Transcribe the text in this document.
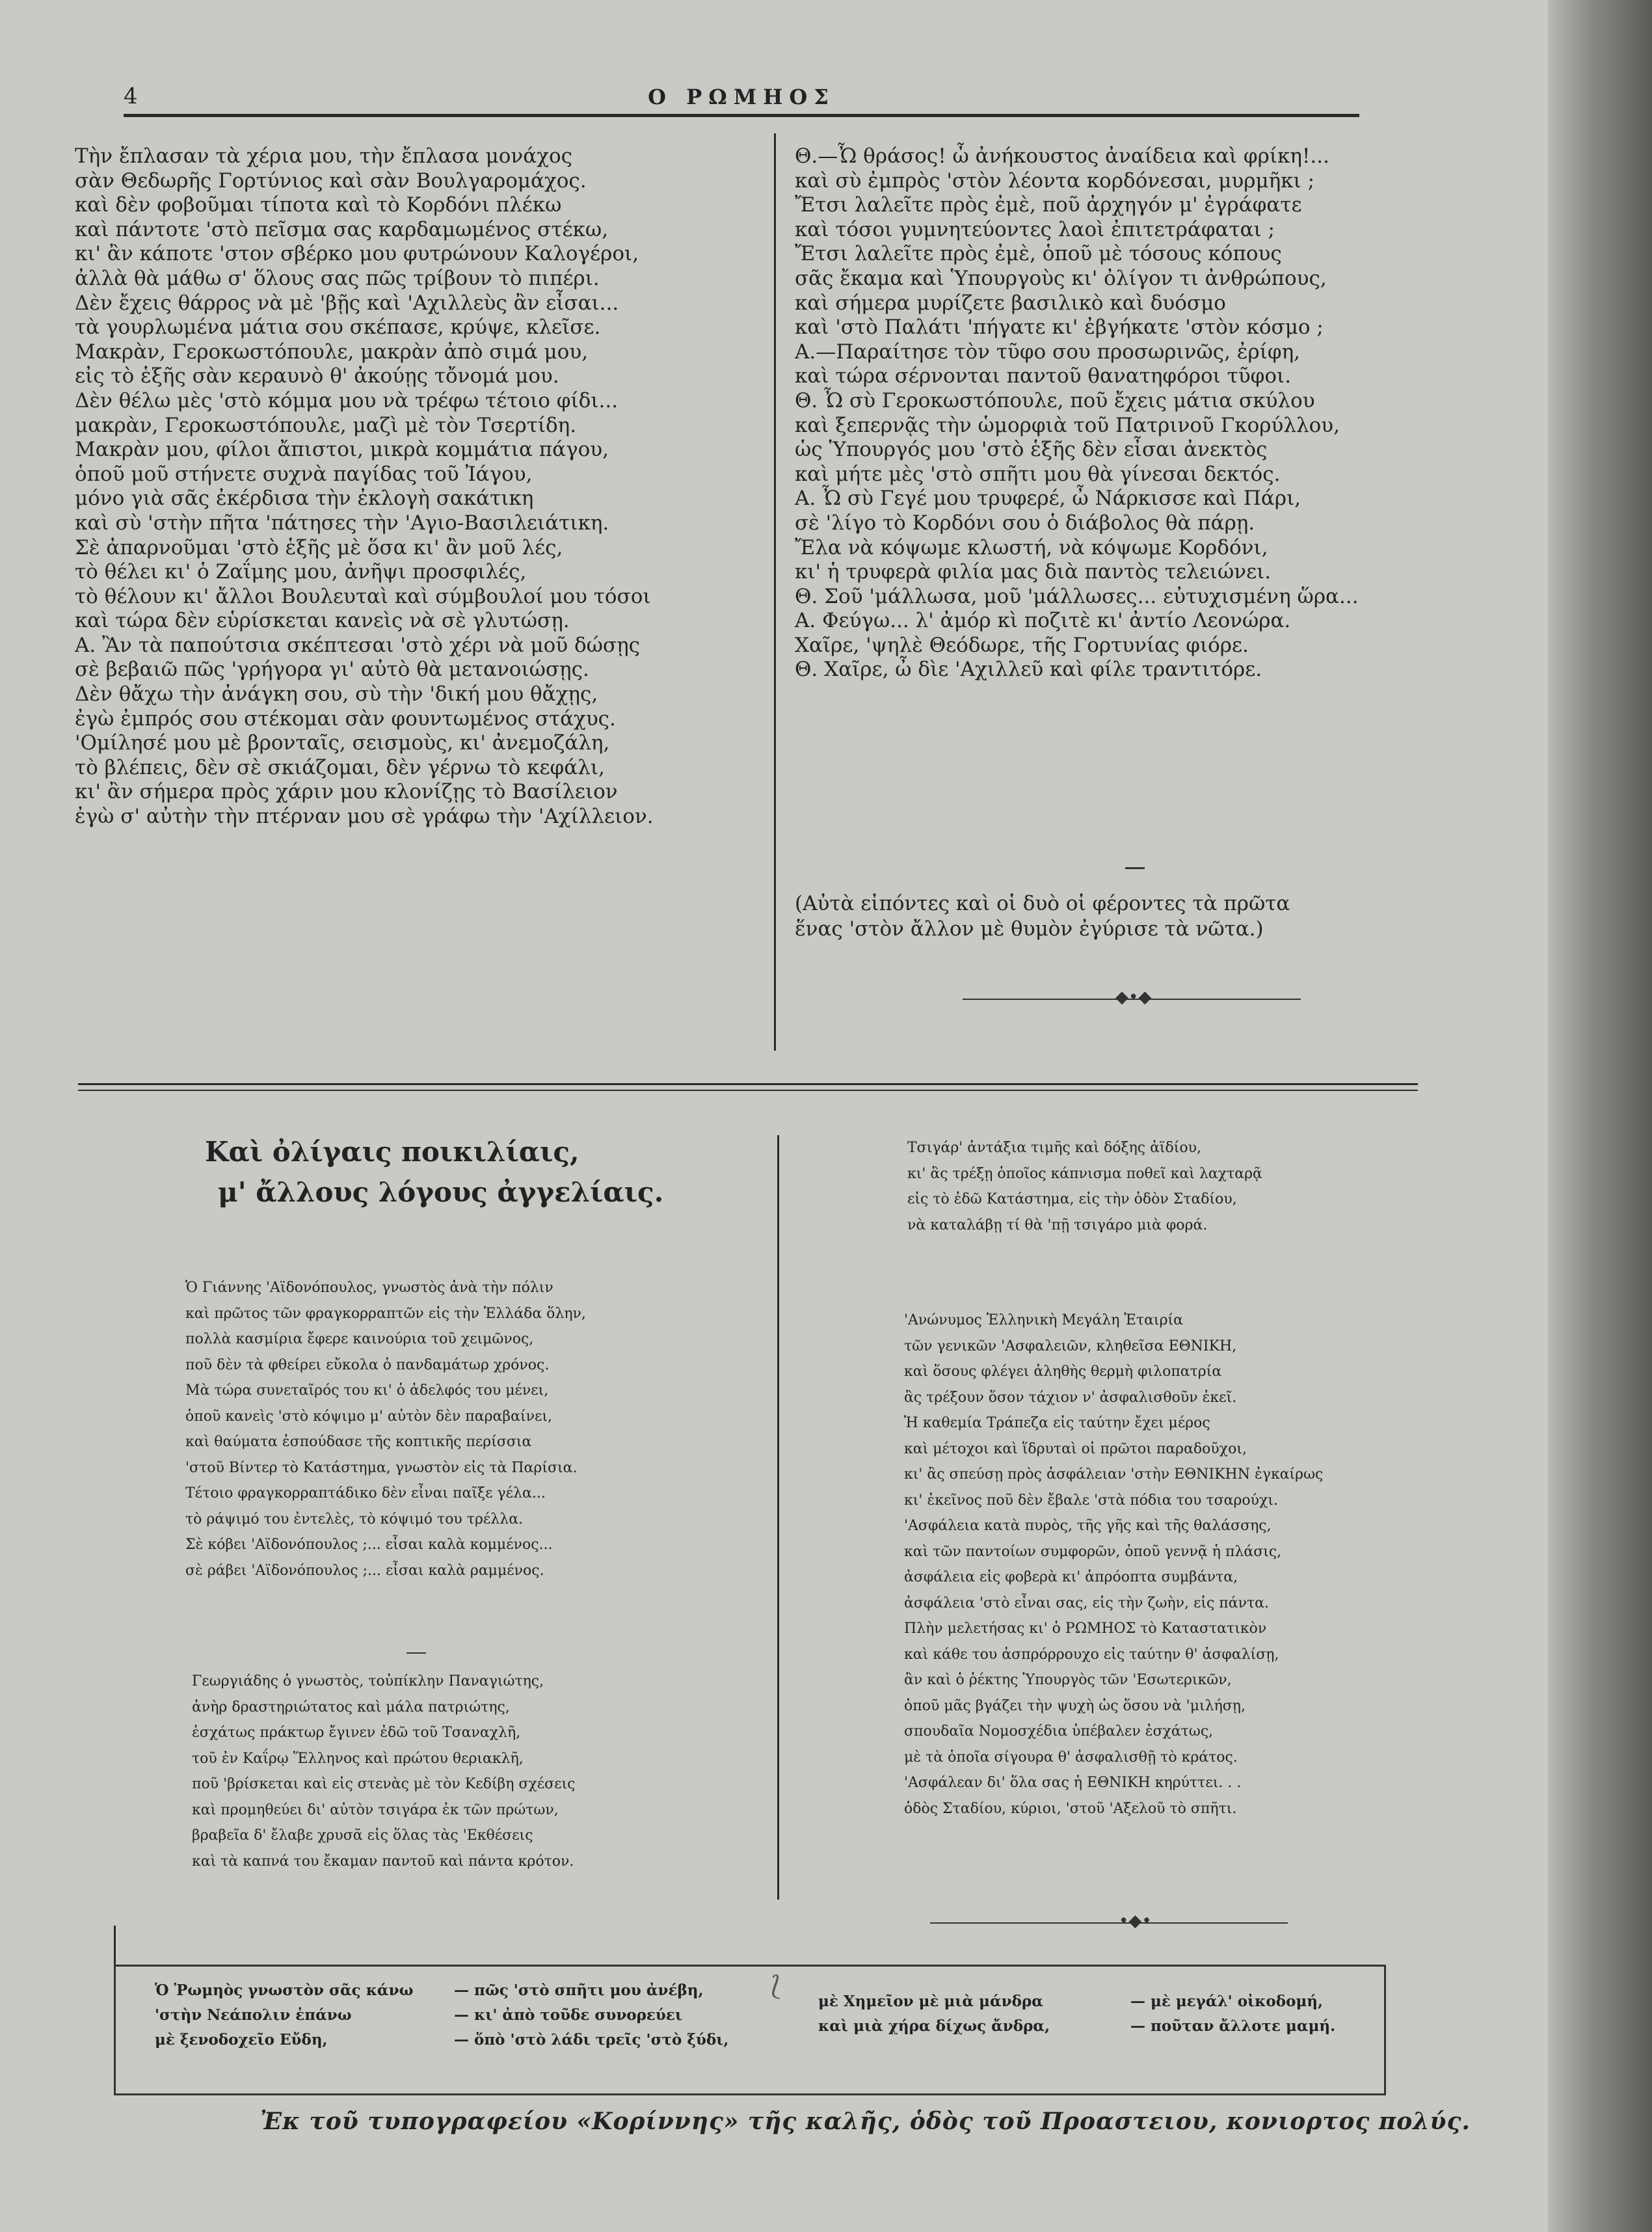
4	Ο ΡΩΜΗΟΣ
Τὴν ἔπλασαν τὰ χέρια μου, τὴν ἔπλασα μονάχος
σὰν Θεδωρῆς Γορτύνιος καὶ σὰν Βουλγαρομάχος.
καὶ δὲν φοβοῦμαι τίποτα καὶ τὸ Κορδόνι πλέκω
καὶ πάντοτε 'στὸ πεῖσμα σας καρδαμωμένος στέκω,
κι' ἂν κάποτε 'στον σβέρκο μου φυτρώνουν Καλογέροι,
ἀλλὰ θὰ μάθω σ' ὅλους σας πῶς τρίβουν τὸ πιπέρι.
Δὲν ἔχεις θάρρος νὰ μὲ 'βῇς καὶ 'Αχιλλεὺς ἂν εἶσαι...
τὰ γουρλωμένα μάτια σου σκέπασε, κρύψε, κλεῖσε.
Μακρὰν, Γεροκωστόπουλε, μακρὰν ἀπὸ σιμά μου,
εἰς τὸ ἑξῆς σὰν κεραυνὸ θ' ἀκούῃς τὄνομά μου.
Δὲν θέλω μὲς 'στὸ κόμμα μου νὰ τρέφω τέτοιο φίδι...
μακρὰν, Γεροκωστόπουλε, μαζὶ μὲ τὸν Τσερτίδη.
Μακρὰν μου, φίλοι ἄπιστοι, μικρὰ κομμάτια πάγου,
ὁποῦ μοῦ στήνετε συχνὰ παγίδας τοῦ Ἰάγου,
μόνο γιὰ σᾶς ἐκέρδισα τὴν ἐκλογὴ σακάτικη
καὶ σὺ 'στὴν πῆτα 'πάτησες τὴν 'Αγιο-Βασιλειάτικη.
Σὲ ἀπαρνοῦμαι 'στὸ ἑξῆς μὲ ὅσα κι' ἂν μοῦ λές,
τὸ θέλει κι' ὁ Ζαΐμης μου, ἀνῆψι προσφιλές,
τὸ θέλουν κι' ἄλλοι Βουλευταὶ καὶ σύμβουλοί μου τόσοι
καὶ τώρα δὲν εὑρίσκεται κανεὶς νὰ σὲ γλυτώσῃ.
Α. Ἂν τὰ παπούτσια σκέπτεσαι 'στὸ χέρι νὰ μοῦ δώσῃς
σὲ βεβαιῶ πῶς 'γρήγορα γι' αὐτὸ θὰ μετανοιώσῃς.
Δὲν θἄχω τὴν ἀνάγκη σου, σὺ τὴν 'δική μου θἄχῃς,
ἐγὼ ἐμπρός σου στέκομαι σὰν φουντωμένος στάχυς.
'Ομίλησέ μου μὲ βρονταῖς, σεισμοὺς, κι' ἀνεμοζάλη,
τὸ βλέπεις, δὲν σὲ σκιάζομαι, δὲν γέρνω τὸ κεφάλι,
κι' ἂν σήμερα πρὸς χάριν μου κλονίζῃς τὸ Βασίλειον
ἐγὼ σ' αὐτὴν τὴν πτέρναν μου σὲ γράφω τὴν 'Αχίλλειον.
Θ.—Ὦ θράσος! ὦ ἀνήκουστος ἀναίδεια καὶ φρίκη!...
καὶ σὺ ἐμπρὸς 'στὸν λέοντα κορδόνεσαι, μυρμῆκι ;
Ἔτσι λαλεῖτε πρὸς ἐμὲ, ποῦ ἀρχηγόν μ' ἐγράφατε
καὶ τόσοι γυμνητεύοντες λαοὶ ἐπιτετράφαται ;
Ἔτσι λαλεῖτε πρὸς ἐμὲ, ὁποῦ μὲ τόσους κόπους
σᾶς ἔκαμα καὶ Ὑπουργοὺς κι' ὀλίγον τι ἀνθρώπους,
καὶ σήμερα μυρίζετε βασιλικὸ καὶ δυόσμο
καὶ 'στὸ Παλάτι 'πήγατε κι' ἐβγήκατε 'στὸν κόσμο ;
Α.—Παραίτησε τὸν τῦφο σου προσωρινῶς, ἐρίφη,
καὶ τώρα σέρνονται παντοῦ θανατηφόροι τῦφοι.
Θ. Ὦ σὺ Γεροκωστόπουλε, ποῦ ἔχεις μάτια σκύλου
καὶ ξεπερνᾷς τὴν ὡμορφιὰ τοῦ Πατρινοῦ Γκορύλλου,
ὡς Ὑπουργός μου 'στὸ ἑξῆς δὲν εἶσαι ἀνεκτὸς
καὶ μήτε μὲς 'στὸ σπῆτι μου θὰ γίνεσαι δεκτός.
Α. Ὦ σὺ Γεγέ μου τρυφερέ, ὦ Νάρκισσε καὶ Πάρι,
σὲ 'λίγο τὸ Κορδόνι σου ὁ διάβολος θὰ πάρῃ.
Ἔλα νὰ κόψωμε κλωστή, νὰ κόψωμε Κορδόνι,
κι' ἡ τρυφερὰ φιλία μας διὰ παντὸς τελειώνει.
Θ. Σοῦ 'μάλλωσα, μοῦ 'μάλλωσες... εὐτυχισμένη ὥρα...
Α. Φεύγω... λ' ἀμόρ κὶ ποζιτὲ κι' ἀντίο Λεονώρα.
Χαῖρε, 'ψηλὲ Θεόδωρε, τῆς Γορτυνίας φιόρε.
Θ. Χαῖρε, ὦ δὶε 'Αχιλλεῦ καὶ φίλε τραντιτόρε.
(Αὐτὰ εἰπόντες καὶ οἱ δυὸ οἱ φέροντες τὰ πρῶτα
ἕνας 'στὸν ἄλλον μὲ θυμὸν ἐγύρισε τὰ νῶτα.)
◆•◆
Καὶ ὀλίγαις ποικιλίαις,
μ' ἄλλους λόγους ἀγγελίαις.
Ὁ Γιάννης 'Αϊδονόπουλος, γνωστὸς ἀνὰ τὴν πόλιν
καὶ πρῶτος τῶν φραγκορραπτῶν εἰς τὴν Ἑλλάδα ὅλην,
πολλὰ κασμίρια ἔφερε καινούρια τοῦ χειμῶνος,
ποῦ δὲν τὰ φθείρει εὔκολα ὁ πανδαμάτωρ χρόνος.
Μὰ τώρα συνεταῖρός του κι' ὁ ἀδελφός του μένει,
ὁποῦ κανεὶς 'στὸ κόψιμο μ' αὐτὸν δὲν παραβαίνει,
καὶ θαύματα ἐσπούδασε τῆς κοπτικῆς περίσσια
'στοῦ Βίντερ τὸ Κατάστημα, γνωστὸν εἰς τὰ Παρίσια.
Τέτοιο φραγκορραπτάδικο δὲν εἶναι παῖξε γέλα...
τὸ ράψιμό του ἐντελὲς, τὸ κόψιμό του τρέλλα.
Σὲ κόβει 'Αϊδονόπουλος ;... εἶσαι καλὰ κομμένος...
σὲ ράβει 'Αϊδονόπουλος ;... εἶσαι καλὰ ραμμένος.
Γεωργιάδης ὁ γνωστὸς, τοὐπίκλην Παναγιώτης,
ἀνὴρ δραστηριώτατος καὶ μάλα πατριώτης,
ἐσχάτως πράκτωρ ἔγινεν ἐδῶ τοῦ Τσαναχλῆ,
τοῦ ἐν Καΐρῳ Ἕλληνος καὶ πρώτου θεριακλῆ,
ποῦ 'βρίσκεται καὶ εἰς στενὰς μὲ τὸν Κεδίβη σχέσεις
καὶ προμηθεύει δι' αὐτὸν τσιγάρα ἐκ τῶν πρώτων,
βραβεῖα δ' ἔλαβε χρυσᾶ εἰς ὅλας τὰς 'Εκθέσεις
καὶ τὰ καπνά του ἔκαμαν παντοῦ καὶ πάντα κρότον.
Τσιγάρ' ἀντάξια τιμῆς καὶ δόξης ἀϊδίου,
κι' ἂς τρέξῃ ὁποῖος κάπνισμα ποθεῖ καὶ λαχταρᾷ
εἰς τὸ ἐδῶ Κατάστημα, εἰς τὴν ὁδὸν Σταδίου,
νὰ καταλάβῃ τί θὰ 'πῇ τσιγάρο μιὰ φορά.
'Ανώνυμος Ἑλληνικὴ Μεγάλη Ἑταιρία
τῶν γενικῶν 'Ασφαλειῶν, κληθεῖσα ΕΘΝΙΚΗ,
καὶ ὅσους φλέγει ἀληθὴς θερμὴ φιλοπατρία
ἂς τρέξουν ὅσον τάχιον ν' ἀσφαλισθοῦν ἐκεῖ.
Ἡ καθεμία Τράπεζα εἰς ταύτην ἔχει μέρος
καὶ μέτοχοι καὶ ἵδρυταὶ οἱ πρῶτοι παραδοῦχοι,
κι' ἂς σπεύσῃ πρὸς ἀσφάλειαν 'στὴν ΕΘΝΙΚΗΝ ἐγκαίρως
κι' ἐκεῖνος ποῦ δὲν ἔβαλε 'στὰ πόδια του τσαρούχι.
'Ασφάλεια κατὰ πυρὸς, τῆς γῆς καὶ τῆς θαλάσσης,
καὶ τῶν παντοίων συμφορῶν, ὁποῦ γεννᾷ ἡ πλάσις,
ἀσφάλεια εἰς φοβερὰ κι' ἀπρόοπτα συμβάντα,
ἀσφάλεια 'στὸ εἶναι σας, εἰς τὴν ζωὴν, εἰς πάντα.
Πλὴν μελετήσας κι' ὁ ΡΩΜΗΟΣ τὸ Καταστατικὸν
καὶ κάθε του ἀσπρόρρουχο εἰς ταύτην θ' ἀσφαλίσῃ,
ἂν καὶ ὁ ῥέκτης Ὑπουργὸς τῶν 'Εσωτερικῶν,
ὁποῦ μᾶς βγάζει τὴν ψυχὴ ὡς ὅσου νὰ 'μιλήσῃ,
σπουδαῖα Νομοσχέδια ὑπέβαλεν ἐσχάτως,
μὲ τὰ ὁποῖα σίγουρα θ' ἀσφαλισθῇ τὸ κράτος.
'Ασφάλεαν δι' ὅλα σας ἡ ΕΘΝΙΚΗ κηρύττει. . .
ὁδὸς Σταδίου, κύριοι, 'στοῦ 'Αξελοῦ τὸ σπῆτι.
•◆•
Ὁ Ῥωμηὸς γνωστὸν σᾶς κάνω
'στὴν Νεάπολιν ἐπάνω
μὲ ξενοδοχεῖο Εὔδη,
— πῶς 'στὸ σπῆτι μου ἀνέβη,
— κι' ἀπὸ τοῦδε συνορεύει
— ὅπὸ 'στὸ λάδι τρεῖς 'στὸ ξύδι,
μὲ Χημεῖον μὲ μιὰ μάνδρα
καὶ μιὰ χήρα δίχως ἄνδρα,
— μὲ μεγάλ' οἰκοδομή,
— ποῦταν ἄλλοτε μαμή.
⟅
Ἐκ τοῦ τυπογραφείου «Κορίννης» τῆς καλῆς, ὁδὸς τοῦ Προαστειου, κονιορτος πολύς.
